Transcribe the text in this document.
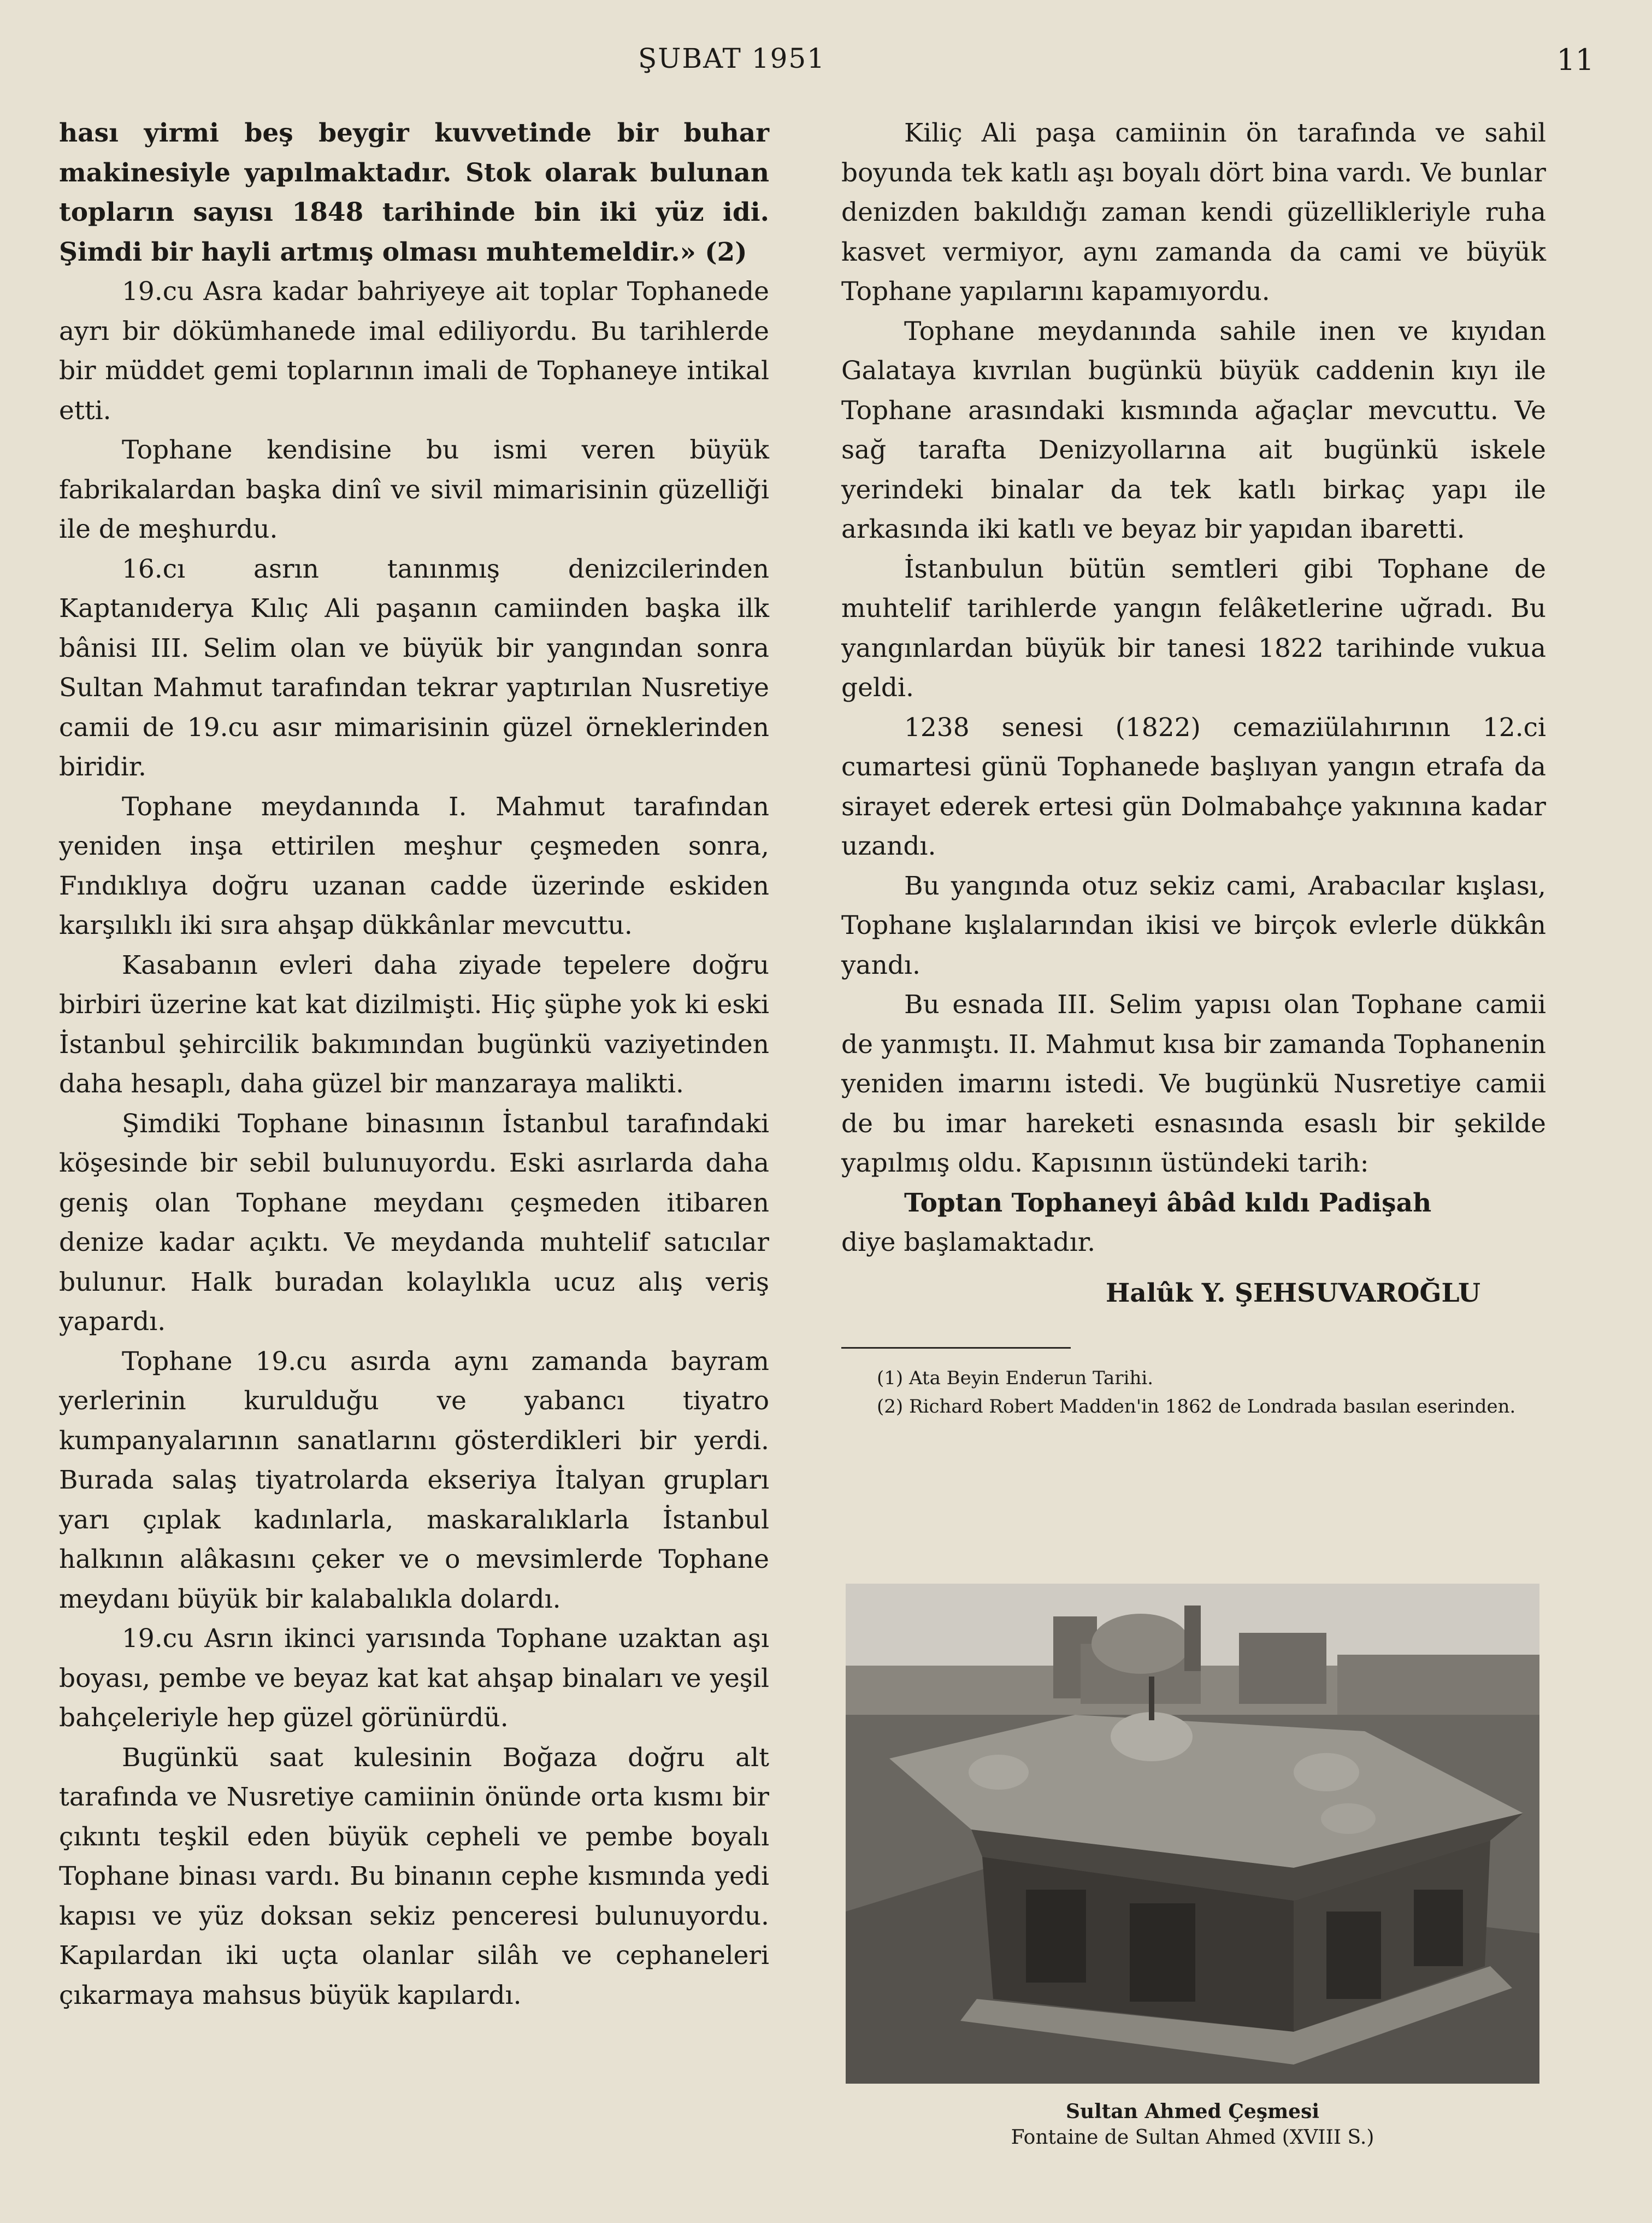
ŞUBAT 1951	11

hası yirmi beş beygir kuvvetinde bir buhar makinesiyle yapılmaktadır. Stok olarak bulunan topların sayısı 1848 tarihinde bin iki yüz idi. Şimdi bir hayli artmış olması muhtemeldir.» (2)

19.cu Asra kadar bahriyeye ait toplar Tophanede ayrı bir dökümhanede imal ediliyordu. Bu tarihlerde bir müddet gemi toplarının imali de Tophaneye intikal etti.

Tophane kendisine bu ismi veren büyük fabrikalardan başka dinî ve sivil mimarisinin güzelliği ile de meşhurdu.

16.cı asrın tanınmış denizcilerinden Kaptanıderya Kılıç Ali paşanın camiinden başka ilk bânisi III. Selim olan ve büyük bir yangından sonra Sultan Mahmut tarafından tekrar yaptırılan Nusretiye camii de 19.cu asır mimarisinin güzel örneklerinden biridir.

Tophane meydanında I. Mahmut tarafından yeniden inşa ettirilen meşhur çeşmeden sonra, Fındıklıya doğru uzanan cadde üzerinde eskiden karşılıklı iki sıra ahşap dükkânlar mevcuttu.

Kasabanın evleri daha ziyade tepelere doğru birbiri üzerine kat kat dizilmişti. Hiç şüphe yok ki eski İstanbul şehircilik bakımından bugünkü vaziyetinden daha hesaplı, daha güzel bir manzaraya malikti.

Şimdiki Tophane binasının İstanbul tarafındaki köşesinde bir sebil bulunuyordu. Eski asırlarda daha geniş olan Tophane meydanı çeşmeden itibaren denize kadar açıktı. Ve meydanda muhtelif satıcılar bulunur. Halk buradan kolaylıkla ucuz alış veriş yapardı.

Tophane 19.cu asırda aynı zamanda bayram yerlerinin kurulduğu ve yabancı tiyatro kumpanyalarının sanatlarını gösterdikleri bir yerdi. Burada salaş tiyatrolarda ekseriya İtalyan grupları yarı çıplak kadınlarla, maskaralıklarla İstanbul halkının alâkasını çeker ve o mevsimlerde Tophane meydanı büyük bir kalabalıkla dolardı.

19.cu Asrın ikinci yarısında Tophane uzaktan aşı boyası, pembe ve beyaz kat kat ahşap binaları ve yeşil bahçeleriyle hep güzel görünürdü.

Bugünkü saat kulesinin Boğaza doğru alt tarafında ve Nusretiye camiinin önünde orta kısmı bir çıkıntı teşkil eden büyük cepheli ve pembe boyalı Tophane binası vardı. Bu binanın cephe kısmında yedi kapısı ve yüz doksan sekiz penceresi bulunuyordu. Kapılardan iki uçta olanlar silâh ve cephaneleri çıkarmaya mahsus büyük kapılardı.

Kiliç Ali paşa camiinin ön tarafında ve sahil boyunda tek katlı aşı boyalı dört bina vardı. Ve bunlar denizden bakıldığı zaman kendi güzellikleriyle ruha kasvet vermiyor, aynı zamanda da cami ve büyük Tophane yapılarını kapamıyordu.

Tophane meydanında sahile inen ve kıyıdan Galataya kıvrılan bugünkü büyük caddenin kıyı ile Tophane arasındaki kısmında ağaçlar mevcuttu. Ve sağ tarafta Denizyollarına ait bugünkü iskele yerindeki binalar da tek katlı birkaç yapı ile arkasında iki katlı ve beyaz bir yapıdan ibaretti.

İstanbulun bütün semtleri gibi Tophane de muhtelif tarihlerde yangın felâketlerine uğradı. Bu yangınlardan büyük bir tanesi 1822 tarihinde vukua geldi.

1238 senesi (1822) cemaziülahırının 12.ci cumartesi günü Tophanede başlıyan yangın etrafa da sirayet ederek ertesi gün Dolmabahçe yakınına kadar uzandı.

Bu yangında otuz sekiz cami, Arabacılar kışlası, Tophane kışlalarından ikisi ve birçok evlerle dükkân yandı.

Bu esnada III. Selim yapısı olan Tophane camii de yanmıştı. II. Mahmut kısa bir zamanda Tophanenin yeniden imarını istedi. Ve bugünkü Nusretiye camii de bu imar hareketi esnasında esaslı bir şekilde yapılmış oldu. Kapısının üstündeki tarih:

Toptan Tophaneyi âbâd kıldı Padişah

diye başlamaktadır.

Halûk Y. ŞEHSUVAROĞLU

(1) Ata Beyin Enderun Tarihi.

(2) Richard Robert Madden'in 1862 de Londrada basılan eserinden.

Sultan Ahmed Çeşmesi
Fontaine de Sultan Ahmed (XVIII S.)
